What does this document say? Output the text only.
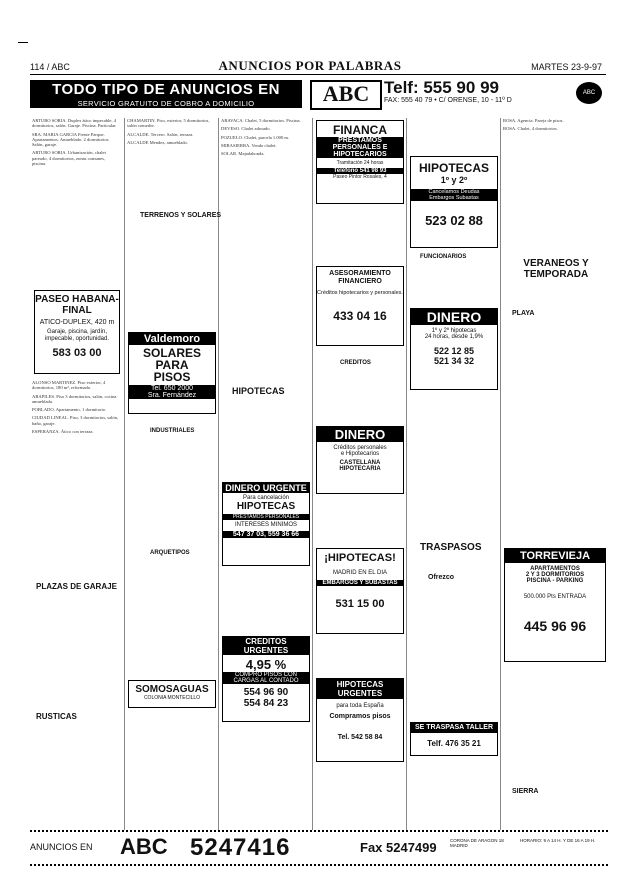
114 / ABC	ANUNCIOS POR PALABRAS	MARTES 23-9-97
TODO TIPO DE ANUNCIOS EN
SERVICIO GRATUITO DE COBRO A DOMICILIO	ABC Telf: 555 90 99
FAX: 555 40 79 • C/ ORENSE, 10 - 11º D
ABC

ARTURO SORIA. Duplex ático impecable, 4 dormitorios, salón. Garaje. Piscina. Particular.

SRA. MARIA GARCIA Frente Parque. Apartamentos. Amueblado. 2 dormitorios. Salón, garaje.

ARTURO SORIA. Urbanización, chalet pareado, 4 dormitorios, zonas comunes, piscina.

PASEO HABANA-FINAL
ATICO-DUPLEX, 420 m
Garaje, piscina, jardín, impecable, oportunidad.
583 03 00

ALONSO MARTINEZ. Piso exterior, 4 dormitorios, 180 m², reformado.

ARAPILES. Piso 3 dormitorios, salón, cocina amueblada.

POBLADO. Apartamento, 1 dormitorio.

CIUDAD LINEAL. Piso, 3 dormitorios, salón, baño, garaje.

ESPERANZA. Ático con terraza.

PLAZAS DE GARAJE
RUSTICAS

CHAMARTIN. Piso, exterior, 5 dormitorios, salón comedor.

ALCALDE. Tercero. Salón, terraza.

ALCALDE Mendez, amueblado.

TERRENOS Y SOLARES
Valdemoro
SOLARES
PARA
PISOS
Tel. 650 2000
Sra. Fernández
INDUSTRIALES
ARQUETIPOS
SOMOSAGUAS
COLONIA MONTECILLO

ARAVACA. Chalet, 5 dormitorios. Piscina.

DEVESO. Chalet adosado.

POZUELO. Chalet, parcela 1.000 m.

MIRASIERRA. Vendo chalet.

SOLAR. Majadahonda.

HIPOTECAS
DINERO URGENTE
Para cancelación
HIPOTECAS
PRESTAMOS PERSONALES
INTERESES MINIMOS
547 37 03, 559 36 66
CREDITOS URGENTES
4,95 %
COMPRO PISOS CON
CARGAS AL CONTADO
554 96 90
554 84 23
FINANCA
PRESTAMOS
PERSONALES E
HIPOTECARIOS
Tramitación 24 horas
Teléfono 541 98 93
Paseo Pintor Rosales, 4
ASESORAMIENTO FINANCIERO
Créditos hipotecarios y personales.
433 04 16
CREDITOS
DINERO
Créditos personales
e Hipotecarios
CASTELLANA
HIPOTECARIA
¡HIPOTECAS!
MADRID EN EL DIA
EMBARGOS Y SUBASTAS
531 15 00
HIPOTECAS URGENTES
para toda España
Compramos pisos
Tel. 542 58 84
HIPOTECAS
1º y 2º
Cancelamos Deudas
Embargos Subastas
523 02 88
FUNCIONARIOS
DINERO
1º y 2º hipotecas
24 horas, desde 1,9%
522 12 85
521 34 32
TRASPASOS
Ofrezco
SE TRASPASA TALLER
Telf. 476 35 21

ROSA. Agencia. Pareja de pisos.

ROSA. Chalet, 4 dormitorios.

VERANEOS Y TEMPORADA
PLAYA
TORREVIEJA
APARTAMENTOS
2 Y 3 DORMITORIOS
PISCINA - PARKING
500.000 Pts ENTRADA
445 96 96
SIERRA
ANUNCIOS EN ABC 5247416	Fax 5247499	CORONA DE ARAGON 18 MADRID
HORARIO: 9 A 14 H. Y DE 16 A 19 H.
